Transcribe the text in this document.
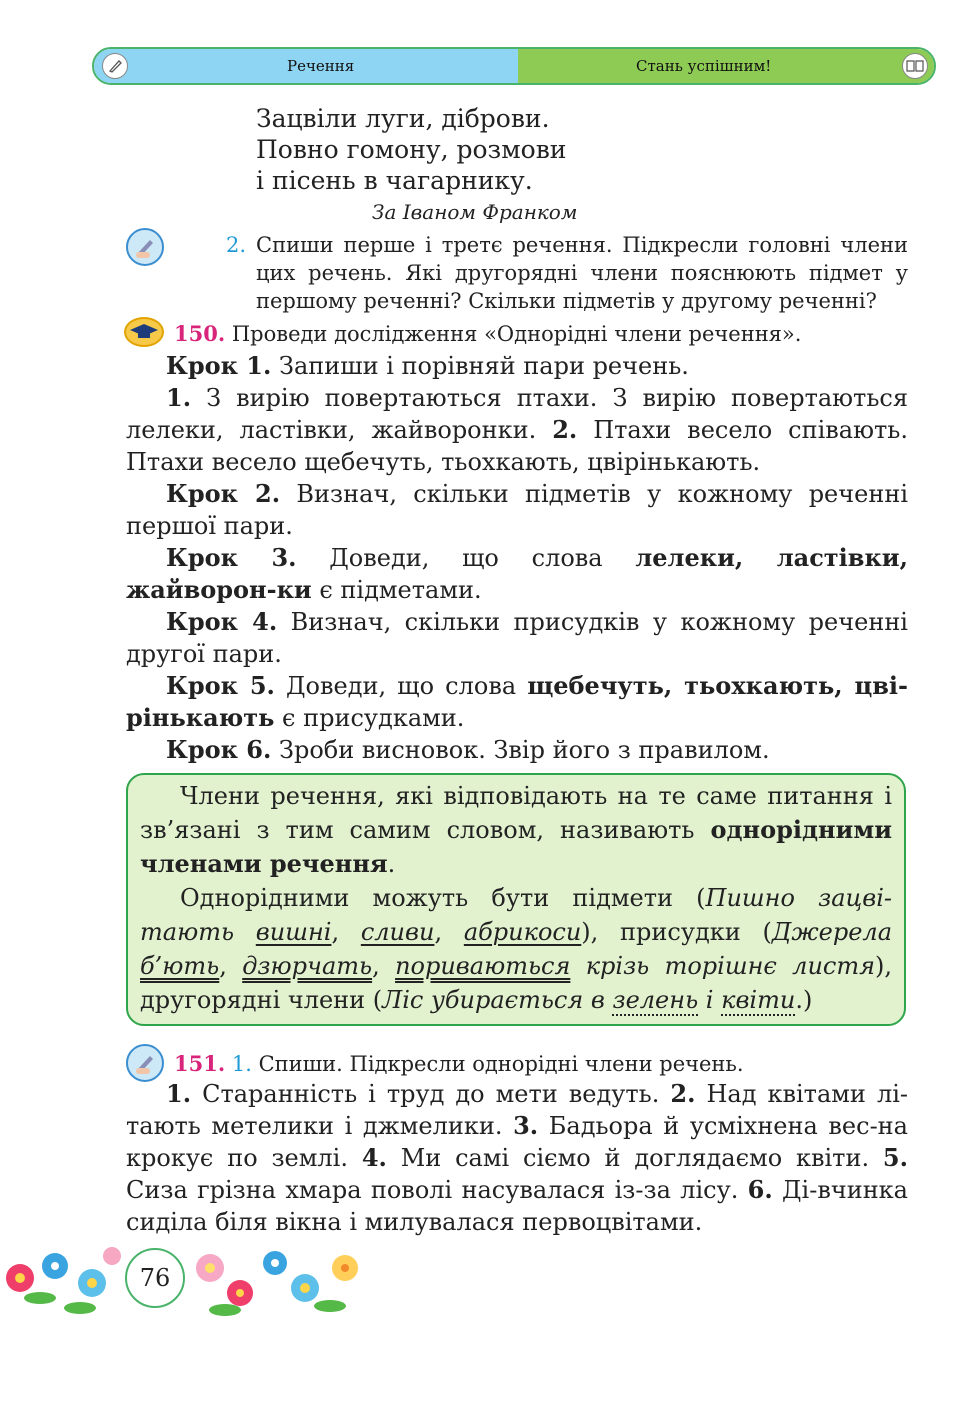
Речення	Стань успішним!
Зацвіли луги, діброви.
Повно гомону, розмови
і пісень в чагарнику.
За Іваном Франком
2. Спиши перше і третє речення. Підкресли головні члени цих речень. Які другорядні члени пояснюють підмет у першому реченні? Скільки підметів у другому реченні?
150. Проведи дослідження «Однорідні члени речення».
Крок 1. Запиши і порівняй пари речень.
1. З вирію повертаються птахи. З вирію повертаються лелеки, ластівки, жайворонки. 2. Птахи весело співають. Птахи весело щебечуть, тьохкають, цвірінькають.
Крок 2. Визнач, скільки підметів у кожному реченні першої пари.
Крок 3. Доведи, що слова лелеки, ластівки, жайворон-ки є підметами.
Крок 4. Визнач, скільки присудків у кожному реченні другої пари.
Крок 5. Доведи, що слова щебечуть, тьохкають, цві-рінькають є присудками.
Крок 6. Зроби висновок. Звір його з правилом.
Члени речення, які відповідають на те саме питання і зв’язані з тим самим словом, називають однорідними членами речення.
Однорідними можуть бути підмети (Пишно зацві-тають вишні, сливи, абрикоси), присудки (Джерела б’ють, дзюрчать, пориваються крізь торішнє листя), другорядні члени (Ліс убирається в зелень і квіти.)
151. 1. Спиши. Підкресли однорідні члени речень.
1. Старанність і труд до мети ведуть. 2. Над квітами лі-тають метелики і джмелики. 3. Бадьора й усміхнена вес-на крокує по землі. 4. Ми самі сіємо й доглядаємо квіти. 5. Сиза грізна хмара поволі насувалася із-за лісу. 6. Ді-вчинка сиділа біля вікна і милувалася первоцвітами.
76
